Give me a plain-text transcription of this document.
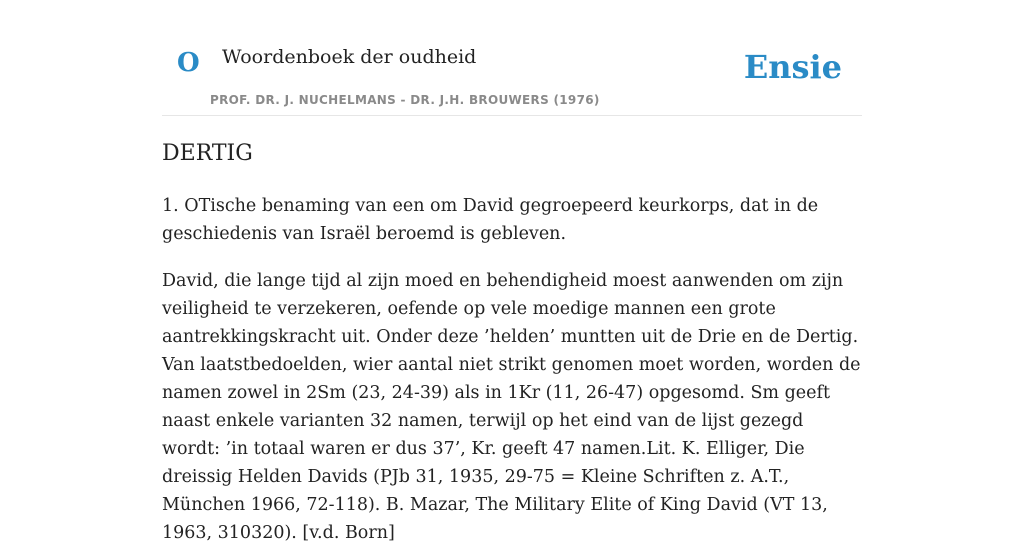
O Woordenboek der oudheid
PROF. DR. J. NUCHELMANS - DR. J.H. BROUWERS (1976)
Ensie
DERTIG

1. OTische benaming van een om David gegroepeerd keurkorps, dat in de geschiedenis van Israël beroemd is gebleven.

David, die lange tijd al zijn moed en behendigheid moest aanwenden om zijn veiligheid te verzekeren, oefende op vele moedige mannen een grote aantrekkingskracht uit. Onder deze ’helden’ muntten uit de Drie en de Dertig. Van laatstbedoelden, wier aantal niet strikt genomen moet worden, worden de namen zowel in 2Sm (23, 24-39) als in 1Kr (11, 26-47) opgesomd. Sm geeft naast enkele varianten 32 namen, terwijl op het eind van de lijst gezegd wordt: ’in totaal waren er dus 37’, Kr. geeft 47 namen.Lit. K. Elliger, Die dreissig Helden Davids (PJb 31, 1935, 29-75 = Kleine Schriften z. A.T., München 1966, 72-118). B. Mazar, The Military Elite of King David (VT 13, 1963, 310320). [v.d. Born]
